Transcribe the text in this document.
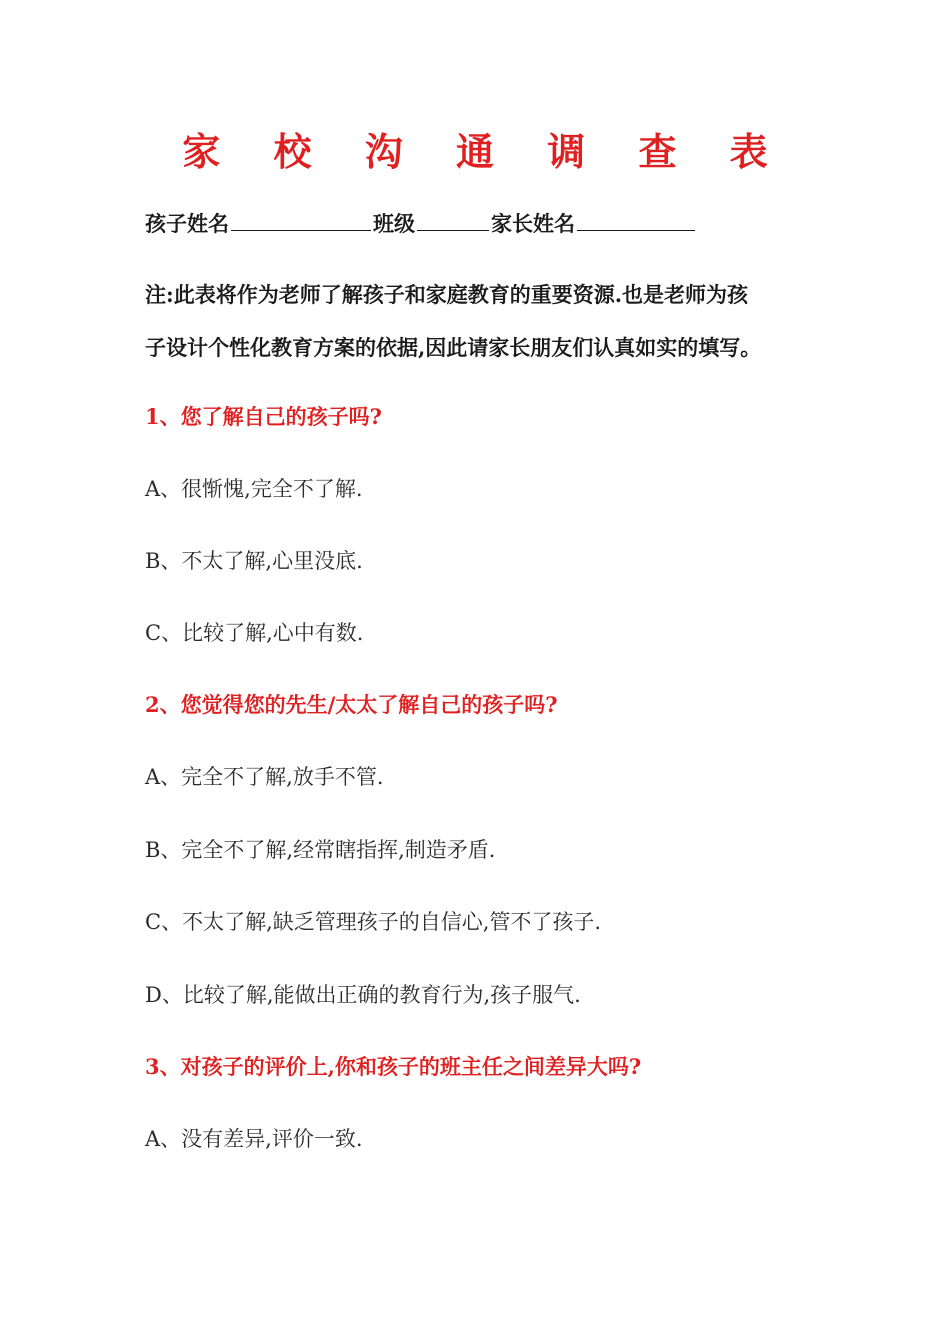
家 校 沟 通 调 查 表
孩子姓名	班级	家长姓名
注:此表将作为老师了解孩子和家庭教育的重要资源.也是老师为孩
子设计个性化教育方案的依据,因此请家长朋友们认真如实的填写。
1、您了解自己的孩子吗?
A、很惭愧,完全不了解.
B、不太了解,心里没底.
C、比较了解,心中有数.
2、您觉得您的先生/太太了解自己的孩子吗?
A、完全不了解,放手不管.
B、完全不了解,经常瞎指挥,制造矛盾.
C、不太了解,缺乏管理孩子的自信心,管不了孩子.
D、比较了解,能做出正确的教育行为,孩子服气.
3、对孩子的评价上,你和孩子的班主任之间差异大吗?
A、没有差异,评价一致.
